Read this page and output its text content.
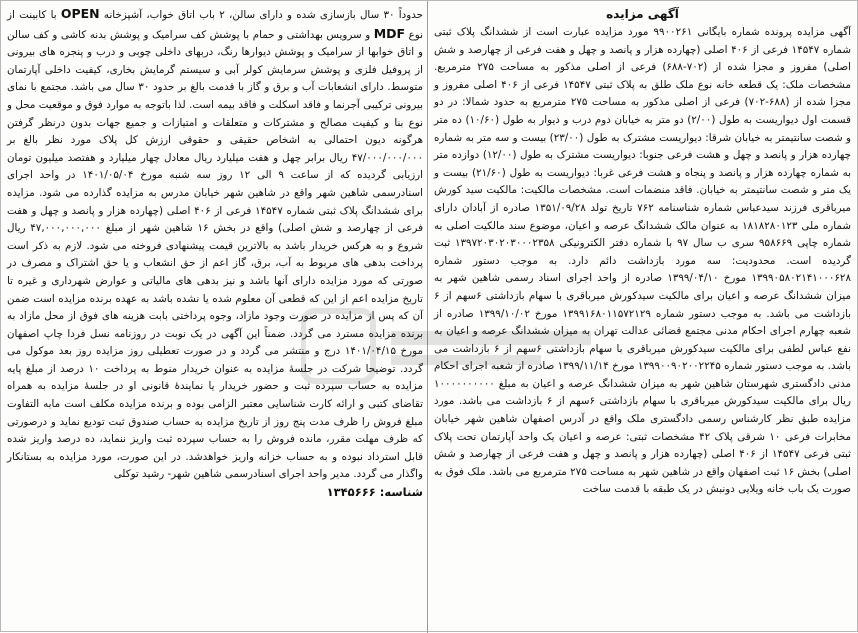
آگهی مزایده

آگهی مزایده پرونده شماره بایگانی ۹۹۰۰۲۶۱ مورد مزایده عبارت است از ششدانگ پلاک ثبتی شماره ۱۴۵۴۷ فرعی از ۴۰۶ اصلی (چهارده هزار و پانصد و چهل و هفت فرعی از چهارصد و شش اصلی) مفروز و مجزا شده از (۷۰۲-۶۸۸) فرعی از اصلی مذکور به مساحت ۲۷۵ مترمربع. مشخصات ملک: یک قطعه خانه نوع ملک طلق به پلاک ثبتی ۱۴۵۴۷ فرعی از ۴۰۶ اصلی مفروز و مجزا شده از (۶۸۸-۷۰۲) فرعی از اصلی مذکور به مساحت ۲۷۵ مترمربع به حدود شمالا: در دو قسمت اول دیواریست به طول (۲/۰۰) دو متر به خیابان دوم درب و دیوار به طول (۱۰/۶۰) ده متر و شصت سانتیمتر به خیابان شرقا: دیواریست مشترک به طول (۲۳/۰۰) بیست و سه متر به شماره چهارده هزار و پانصد و چهل و هشت فرعی جنوبا: دیواریست مشترک به طول (۱۲/۰۰) دوازده متر به شماره چهارده هزار و پانصد و پنجاه و هشت فرعی غربا: دیواریست به طول (۲۱/۶۰) بیست و یک متر و شصت سانتیمتر به خیابان. فاقد منضمات است. مشخصات مالکیت: مالکیت سید کورش میرباقری فرزند سیدعباس شماره شناسنامه ۷۶۲ تاریخ تولد ۱۳۵۱/۰۹/۲۸ صادره از آبادان دارای شماره ملی ۱۸۱۸۲۸۰۱۲۳ به عنوان مالک ششدانگ عرصه و اعیان، موضوع سند مالکیت اصلی به شماره چاپی ۹۵۸۶۶۹ سری ب سال ۹۷ با شماره دفتر الکترونیکی ۱۳۹۷۲۰۳۰۲۰۳۰۰۰۲۳۵۸ ثبت گردیده است. محدودیت: سه مورد بازداشت دائم دارد. به موجب دستور شماره ۱۳۹۹۰۵۸۰۲۱۴۱۰۰۰۶۲۸ مورخ ۱۳۹۹/۰۴/۱۰ صادره از واحد اجرای اسناد رسمی شاهین شهر به میزان ششدانگ عرصه و اعیان برای مالکیت سیدکورش میرباقری با سهام بازداشتی ۶سهم از ۶ بازداشت می باشد. به موجب دستور شماره ۱۳۹۹۱۶۸۰۱۱۵۷۲۱۲۹ مورخ ۱۳۹۹/۱۰/۰۲ صادره از شعبه چهارم اجرای احکام مدنی مجتمع قضائی عدالت تهران به میزان ششدانگ عرصه و اعیان به نفع عباس لطفی برای مالکیت سیدکورش میرباقری با سهام بازداشتی ۶سهم از ۶ بازداشت می باشد. به موجب دستور شماره ۱۳۹۹۰۰۹۰۲۰۰۲۲۴۵ مورخ ۱۳۹۹/۱۱/۱۴ صادره از شعبه اجرای احکام مدنی دادگستری شهرستان شاهین شهر به میزان ششدانگ عرصه و اعیان به مبلغ ۱۰۰۰۰۰۰۰۰۰۰ ریال برای مالکیت سیدکورش میرباقری با سهام بازداشتی ۶سهم از ۶ بازداشت می باشد. مورد مزایده طبق نظر کارشناس رسمی دادگستری ملک واقع در آدرس اصفهان شاهین شهر خیابان مخابرات فرعی ۱۰ شرقی پلاک ۴۲ مشخصات ثبتی: عرصه و اعیان یک واحد آپارتمان تحت پلاک ثبتی فرعی ۱۴۵۴۷ از ۴۰۶ اصلی (چهارده هزار و پانصد و چهل و هفت فرعی از چهارصد و شش اصلی) بخش ۱۶ ثبت اصفهان واقع در شاهین شهر به مساحت ۲۷۵ مترمربع می باشد. ملک فوق به صورت یک باب خانه ویلایی دونبش در یک طبقه با قدمت ساخت

حدوداً ۳۰ سال بازسازی شده و دارای سالن، ۲ باب اتاق خواب، آشپزخانه OPEN با کابینت از نوع MDF و سرویس بهداشتی و حمام با پوشش کف سرامیک و پوشش بدنه کاشی و کف سالن و اتاق خوابها از سرامیک و پوشش دیوارها رنگ، دربهای داخلی چوبی و درب و پنجره های بیرونی از پروفیل فلزی و پوشش سرمایش کولر آبی و سیستم گرمایش بخاری، کیفیت داخلی آپارتمان متوسط. دارای انشعابات آب و برق و گاز با قدمت بالغ بر حدود ۳۰ سال می باشد. مجتمع با نمای بیرونی ترکیبی آجرنما و فاقد اسکلت و فاقد بیمه است. لذا باتوجه به موارد فوق و موقعیت محل و نوع بنا و کیفیت مصالح و مشترکات و متعلقات و امتیازات و جمیع جهات بدون درنظر گرفتن هرگونه دیون احتمالی به اشخاص حقیقی و حقوقی ارزش کل پلاک مورد نظر بالغ بر ۴۷/۰۰۰/۰۰۰/۰۰۰ ریال برابر چهل و هفت میلیارد ریال معادل چهار میلیارد و هفتصد میلیون تومان ارزیابی گردیده که از ساعت ۹ الی ۱۲ روز سه شنبه مورخ ۱۴۰۱/۰۵/۰۴ در واحد اجرای اسنادرسمی شاهین شهر واقع در شاهین شهر خیابان مدرس به مزایده گذارده می شود. مزایده برای ششدانگ پلاک ثبتی شماره ۱۴۵۴۷ فرعی از ۴۰۶ اصلی (چهارده هزار و پانصد و چهل و هفت فرعی از چهارصد و شش اصلی) واقع در بخش ۱۶ شاهین شهر از مبلغ ۴۷,۰۰۰,۰۰۰,۰۰۰ ریال شروع و به هرکس خریدار باشد به بالاترین قیمت پیشنهادی فروخته می شود. لازم به ذکر است پرداخت بدهی های مربوط به آب، برق، گاز اعم از حق انشعاب و یا حق اشتراک و مصرف در صورتی که مورد مزایده دارای آنها باشد و نیز بدهی های مالیاتی و عوارض شهرداری و غیره تا تاریخ مزایده اعم از این که قطعی آن معلوم شده یا نشده باشد به عهده برنده مزایده است ضمن آن که پس از مزایده در صورت وجود مازاد، وجوه پرداختی بابت هزینه های فوق از محل مازاد به برنده مزایده مسترد می گردد. ضمناً این آگهی در یک نوبت در روزنامه نسل فردا چاپ اصفهان مورخ ۱۴۰۱/۰۴/۱۵ درج و منتشر می گردد و در صورت تعطیلی روز مزایده روز بعد موکول می گردد. توضیحا شرکت در جلسهٔ مزایده به عنوان خریدار منوط به پرداخت ۱۰ درصد از مبلغ پایه مزایده به حساب سپرده ثبت و حضور خریدار یا نمایندهٔ قانونی او در جلسهٔ مزایده به همراه تقاضای کتبی و ارائه کارت شناسایی معتبر الزامی بوده و برنده مزایده مکلف است مابه التفاوت مبلغ فروش را ظرف مدت پنج روز از تاریخ مزایده به حساب صندوق ثبت توديع نمايد و درصورتی که ظرف مهلت مقرر، مانده فروش را به حساب سپرده ثبت واریز ننماید، ده درصد واریز شده قابل استرداد نبوده و به حساب خزانه واریز خواهدشد. در این صورت، مورد مزایده به بستانکار واگذار می گردد. مدیر واحد اجرای اسنادرسمی شاهین شهر- رشید توکلی

شناسه: ۱۳۴۵۶۶۶
